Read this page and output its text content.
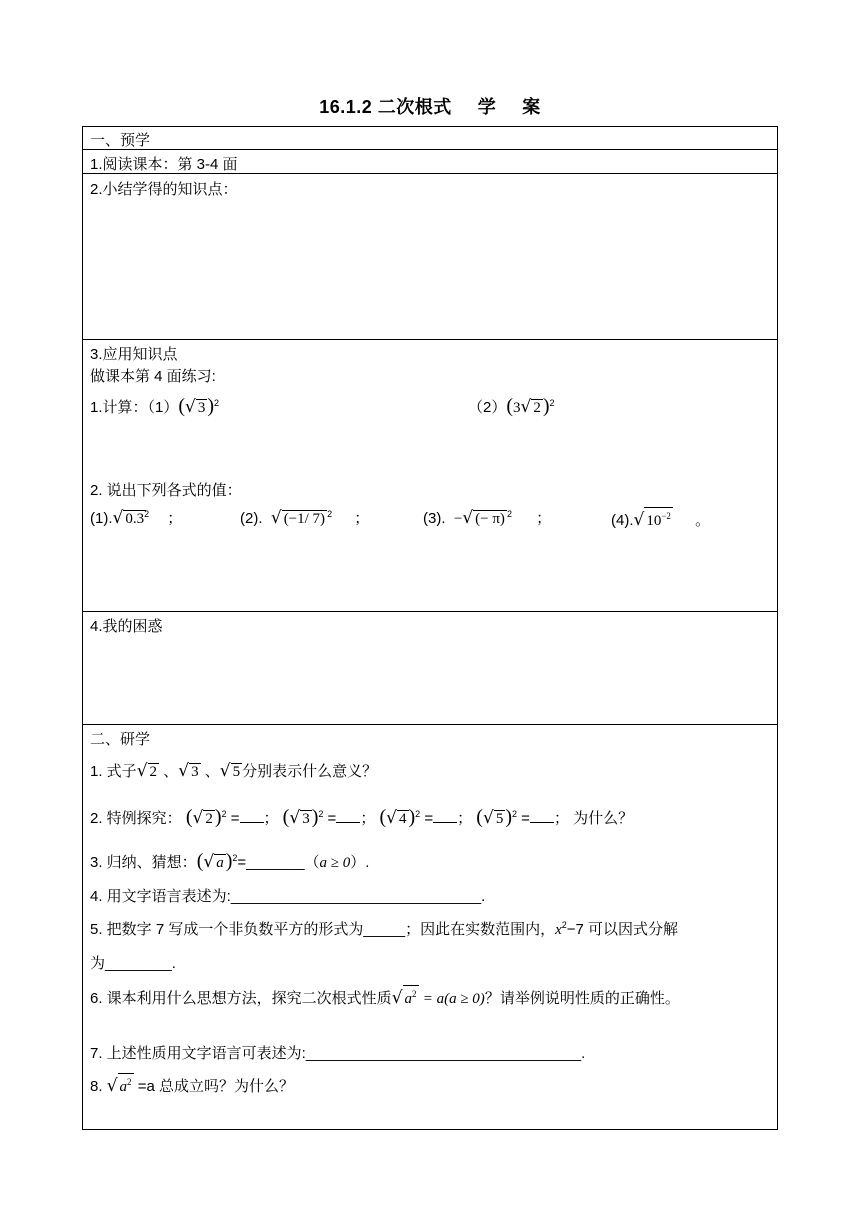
16.1.2 二次根式 学 案
一、预学
1.阅读课本：第 3-4 面
2.小结学得的知识点：
3.应用知识点
做课本第 4 面练习:
1.计算：（1）(√ 3 )$^2$	（2）(3√ 2 )$^2$
2. 说出下列各式的值：
(1).√ $0.3^2$ ；	(2). √ (−1/ 7) $^2$ ；	(3). −√ (− π) $^2$ ；	(4).√ $10^{-2}$ 。
4.我的困惑
二、研学
1. 式子√ 2 、√ 3 、√ 5 分别表示什么意义？
2. 特例探究： (√ 2 )$^2$ = ； (√ 3 )$^2$ = ； (√ 4 )$^2$ = ； (√ 5 )$^2$ = ； 为什么？
3. 归纳、猜想：(√ a )$^2$=_______（a ≥ 0）.
4. 用文字语言表述为:______________________________.
5. 把数字 7 写成一个非负数平方的形式为_____；因此在实数范围内，$x^2-7$ 可以因式分解
为________.
6. 课本利用什么思想方法，探究二次根式性质√ $a^2 = a(a \ge 0)$？请举例说明性质的正确性。
7. 上述性质用文字语言可表述为:_________________________________.
8. √ $a^2 =a$ 总成立吗？为什么？
